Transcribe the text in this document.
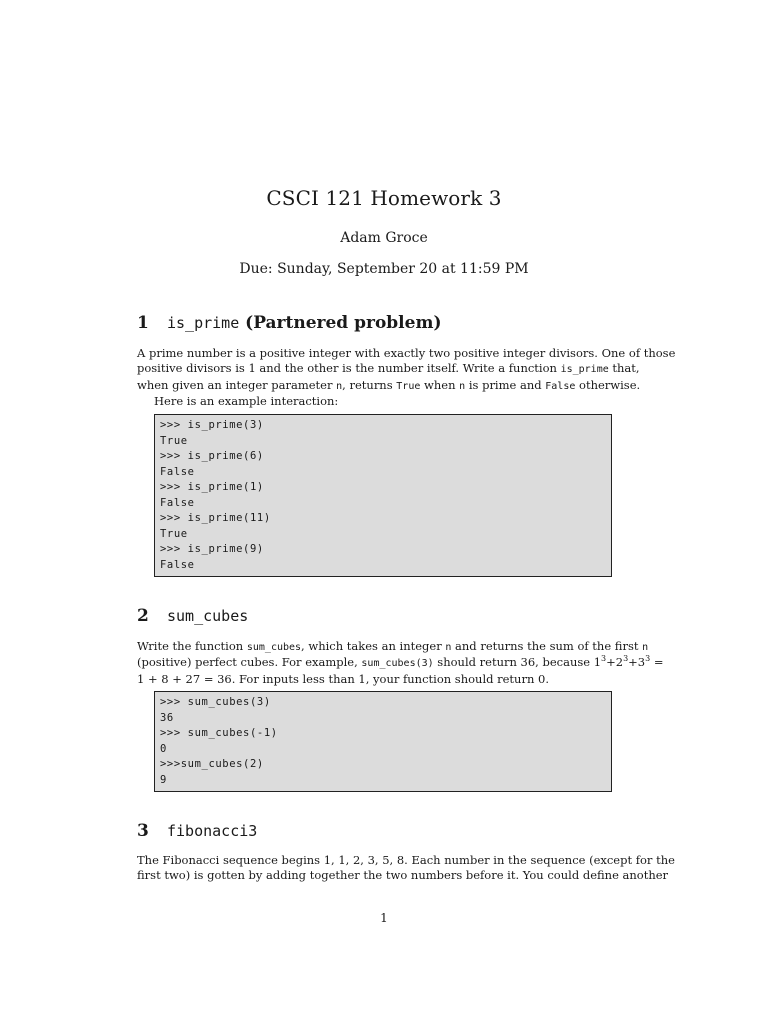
CSCI 121 Homework 3
Adam Groce
Due: Sunday, September 20 at 11:59 PM
1 is_prime (Partnered problem)
A prime number is a positive integer with exactly two positive integer divisors. One of those
positive divisors is 1 and the other is the number itself. Write a function is_prime that,
when given an integer parameter n, returns True when n is prime and False otherwise.
Here is an example interaction:
>>> is_prime(3)
True
>>> is_prime(6)
False
>>> is_prime(1)
False
>>> is_prime(11)
True
>>> is_prime(9)
False
2 sum_cubes
Write the function sum_cubes, which takes an integer n and returns the sum of the first n
(positive) perfect cubes. For example, sum_cubes(3) should return 36, because $1^3+2^3+3^3$ =
1 + 8 + 27 = 36. For inputs less than 1, your function should return 0.
>>> sum_cubes(3)
36
>>> sum_cubes(-1)
0
>>>sum_cubes(2)
9
3 fibonacci3
The Fibonacci sequence begins 1, 1, 2, 3, 5, 8. Each number in the sequence (except for the
first two) is gotten by adding together the two numbers before it. You could define another
1
